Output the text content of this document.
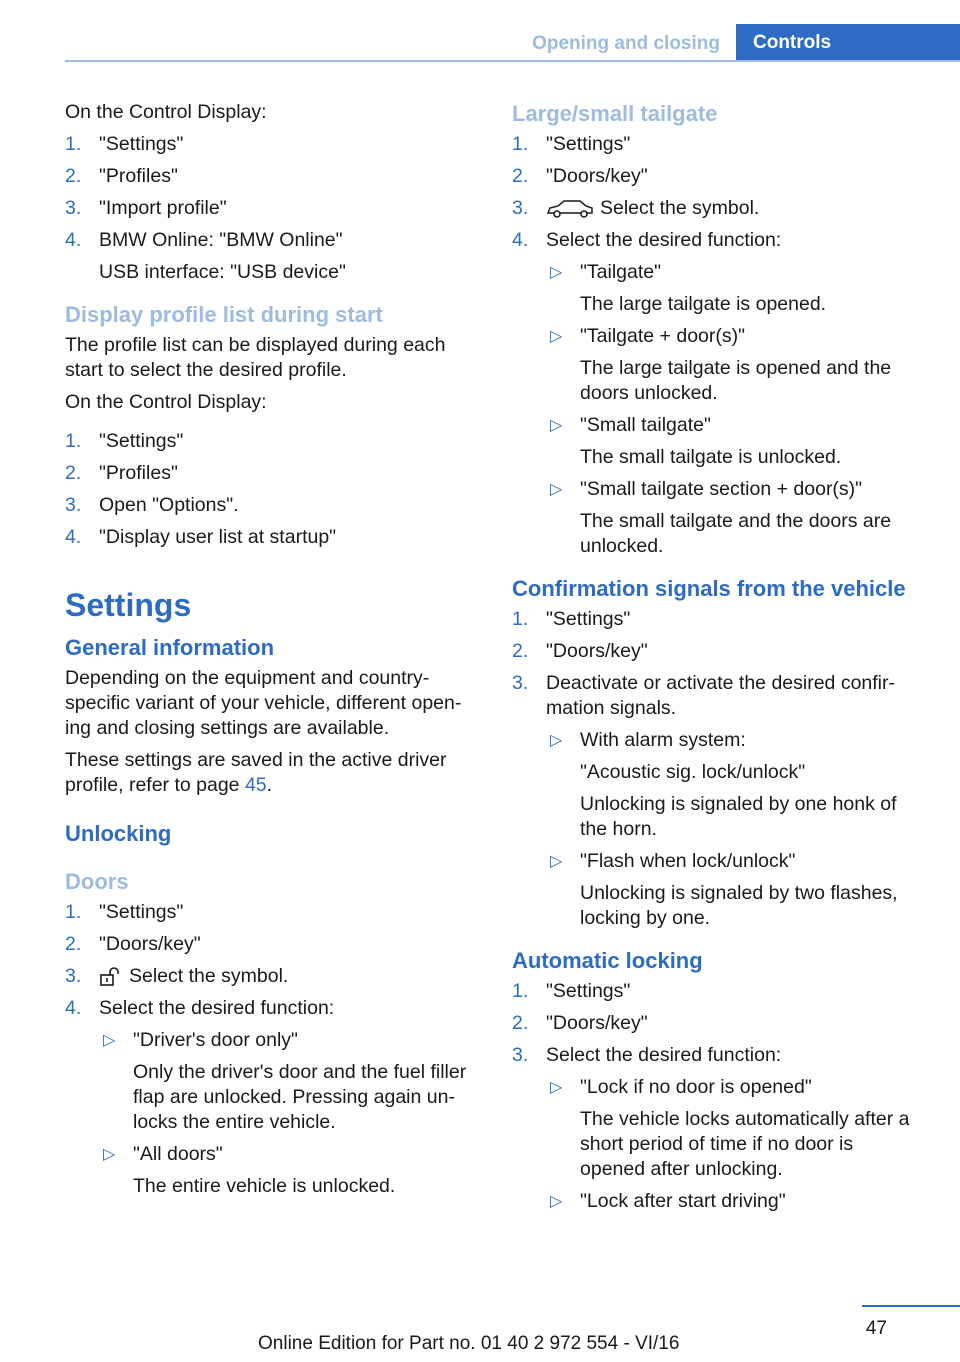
Opening and closing	Controls

On the Control Display:

1. "Settings"
2. "Profiles"
3. "Import profile"
4. BMW Online: "BMW Online"
USB interface: "USB device"
Display profile list during start

The profile list can be displayed during each start to select the desired profile.

On the Control Display:

1. "Settings"
2. "Profiles"
3. Open "Options".
4. "Display user list at startup"
Settings
General information

Depending on the equipment and country-specific variant of your vehicle, different open-ing and closing settings are available.

These settings are saved in the active driver profile, refer to page 45.

Unlocking
Doors
1. "Settings"
2. "Doors/key"
3. Select the symbol.
4. Select the desired function:
▷ "Driver's door only"
Only the driver's door and the fuel filler flap are unlocked. Pressing again un-locks the entire vehicle.
▷ "All doors"
The entire vehicle is unlocked.
Large/small tailgate
1. "Settings"
2. "Doors/key"
3.	Select the symbol.
4. Select the desired function:
▷ "Tailgate"
The large tailgate is opened.
▷ "Tailgate + door(s)"
The large tailgate is opened and the doors unlocked.
▷ "Small tailgate"
The small tailgate is unlocked.
▷ "Small tailgate section + door(s)"
The small tailgate and the doors are unlocked.
Confirmation signals from the vehicle
1. "Settings"
2. "Doors/key"
3. Deactivate or activate the desired confir-mation signals.
▷ With alarm system:
"Acoustic sig. lock/unlock"
Unlocking is signaled by one honk of the horn.
▷ "Flash when lock/unlock"
Unlocking is signaled by two flashes, locking by one.
Automatic locking
1. "Settings"
2. "Doors/key"
3. Select the desired function:
▷ "Lock if no door is opened"
The vehicle locks automatically after a short period of time if no door is opened after unlocking.
▷ "Lock after start driving"
47
Online Edition for Part no. 01 40 2 972 554 - VI/16
